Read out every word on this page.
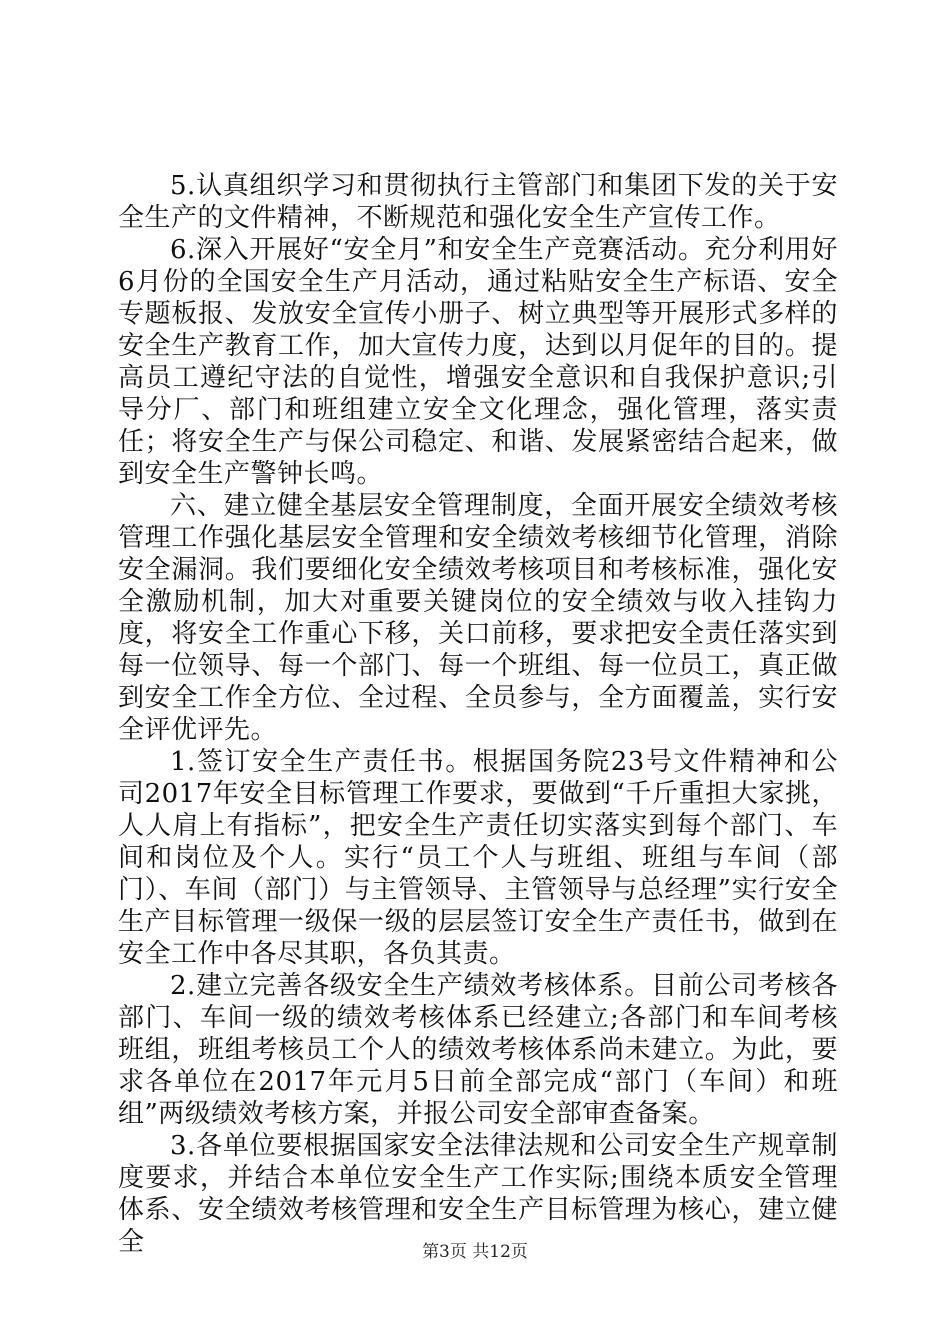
5.认真组织学习和贯彻执行主管部门和集团下发的关于安全生产的文件精神，不断规范和强化安全生产宣传工作。

6.深入开展好“安全月”和安全生产竞赛活动。充分利用好6月份的全国安全生产月活动，通过粘贴安全生产标语、安全专题板报、发放安全宣传小册子、树立典型等开展形式多样的安全生产教育工作，加大宣传力度，达到以月促年的目的。提高员工遵纪守法的自觉性，增强安全意识和自我保护意识;引导分厂、部门和班组建立安全文化理念，强化管理，落实责任；将安全生产与保公司稳定、和谐、发展紧密结合起来，做到安全生产警钟长鸣。

六、建立健全基层安全管理制度，全面开展安全绩效考核管理工作强化基层安全管理和安全绩效考核细节化管理，消除安全漏洞。我们要细化安全绩效考核项目和考核标准，强化安全激励机制，加大对重要关键岗位的安全绩效与收入挂钩力度，将安全工作重心下移，关口前移，要求把安全责任落实到每一位领导、每一个部门、每一个班组、每一位员工，真正做到安全工作全方位、全过程、全员参与，全方面覆盖，实行安全评优评先。

1.签订安全生产责任书。根据国务院23号文件精神和公司2017年安全目标管理工作要求，要做到“千斤重担大家挑，人人肩上有指标”，把安全生产责任切实落实到每个部门、车间和岗位及个人。实行“员工个人与班组、班组与车间（部门）、车间（部门）与主管领导、主管领导与总经理”实行安全生产目标管理一级保一级的层层签订安全生产责任书，做到在安全工作中各尽其职，各负其责。

2.建立完善各级安全生产绩效考核体系。目前公司考核各部门、车间一级的绩效考核体系已经建立;各部门和车间考核班组，班组考核员工个人的绩效考核体系尚未建立。为此，要求各单位在2017年元月5日前全部完成“部门（车间）和班组”两级绩效考核方案，并报公司安全部审查备案。

3.各单位要根据国家安全法律法规和公司安全生产规章制度要求，并结合本单位安全生产工作实际;围绕本质安全管理体系、安全绩效考核管理和安全生产目标管理为核心，建立健全	第3页 共12页
